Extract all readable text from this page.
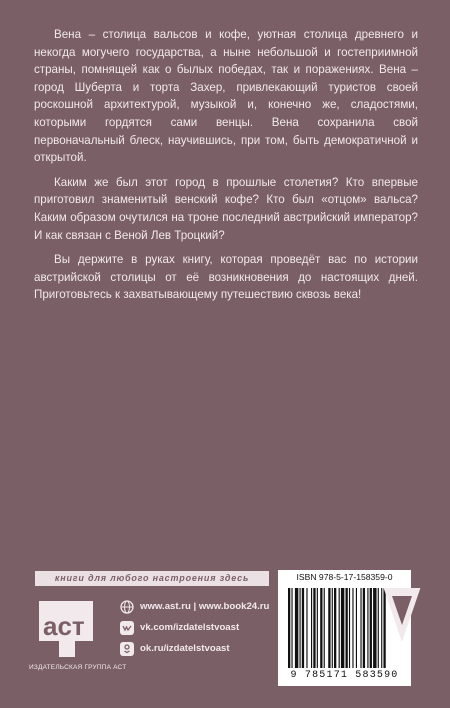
Вена – столица вальсов и кофе, уютная столица древнего и некогда могучего государства, а ныне небольшой и гостеприимной страны, помнящей как о былых победах, так и поражениях. Вена – город Шуберта и торта Захер, привлекающий туристов своей роскошной архитектурой, музыкой и, конечно же, сладостями, которыми гордятся сами венцы. Вена сохранила свой первоначальный блеск, научившись, при том, быть демократичной и открытой.

Каким же был этот город в прошлые столетия? Кто впервые приготовил знаменитый венский кофе? Кто был «отцом» вальса? Каким образом очутился на троне последний австрийский император? И как связан с Веной Лев Троцкий?

Вы держите в руках книгу, которая проведёт вас по истории австрийской столицы от её возникновения до настоящих дней. Приготовьтесь к захватывающему путешествию сквозь века!

книги для любого настроения здесь
аст
ИЗДАТЕЛЬСКАЯ ГРУППА АСТ
www.ast.ru | www.book24.ru
vk.com/izdatelstvoast
ok.ru/izdatelstvoast
ISBN 978-5-17-158359-0
9 785171 583590
